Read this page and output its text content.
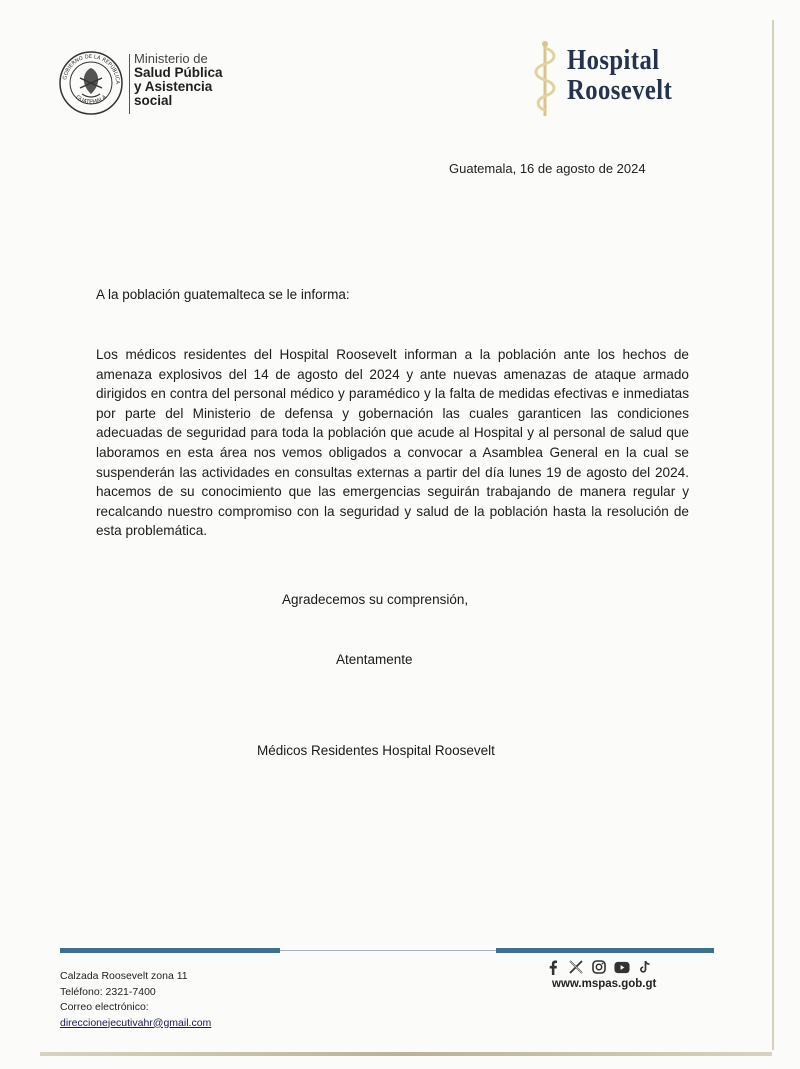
GOBIERNO DE LA REPÚBLICA
GUATEMALA
Ministerio de
Salud Pública
y Asistencia
social
Hospital
Roosevelt
Guatemala, 16 de agosto de 2024
A la población guatemalteca se le informa:
Los médicos residentes del Hospital Roosevelt informan a la población ante los hechos de amenaza explosivos del 14 de agosto del 2024 y ante nuevas amenazas de ataque armado dirigidos en contra del personal médico y paramédico y la falta de medidas efectivas e inmediatas por parte del Ministerio de defensa y gobernación las cuales garanticen las condiciones adecuadas de seguridad para toda la población que acude al Hospital y al personal de salud que laboramos en esta área nos vemos obligados a convocar a Asamblea General en la cual se suspenderán las actividades en consultas externas a partir del día lunes 19 de agosto del 2024. hacemos de su conocimiento que las emergencias seguirán trabajando de manera regular y recalcando nuestro compromiso con la seguridad y salud de la población hasta la resolución de esta problemática.
Agradecemos su comprensión,
Atentamente
Médicos Residentes Hospital Roosevelt
Calzada Roosevelt zona 11
Teléfono: 2321-7400
Correo electrónico:
direccionejecutivahr@gmail.com
www.mspas.gob.gt
